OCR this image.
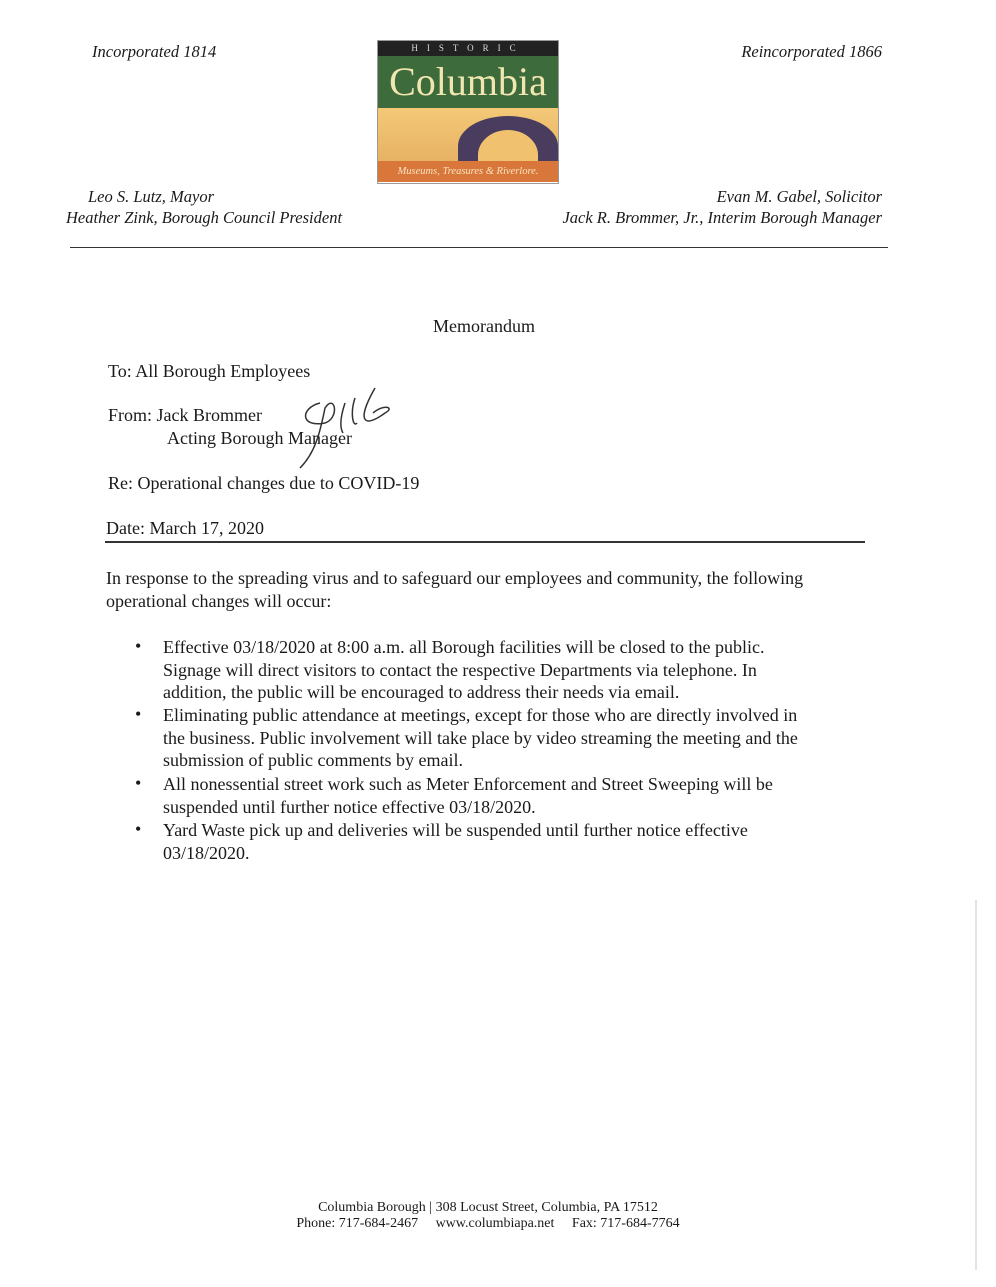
Incorporated 1814	Reincorporated 1866
HISTORIC
Columbia
Museums, Treasures & Riverlore.
Leo S. Lutz, Mayor
Heather Zink, Borough Council President
Evan M. Gabel, Solicitor
Jack R. Brommer, Jr., Interim Borough Manager
Memorandum
To: All Borough Employees
From: Jack Brommer
Acting Borough Manager
Re: Operational changes due to COVID-19
Date: March 17, 2020
In response to the spreading virus and to safeguard our employees and community, the following
operational changes will occur:
• Effective 03/18/2020 at 8:00 a.m. all Borough facilities will be closed to the public.
Signage will direct visitors to contact the respective Departments via telephone. In
addition, the public will be encouraged to address their needs via email.
• Eliminating public attendance at meetings, except for those who are directly involved in
the business. Public involvement will take place by video streaming the meeting and the
submission of public comments by email.
• All nonessential street work such as Meter Enforcement and Street Sweeping will be
suspended until further notice effective 03/18/2020.
• Yard Waste pick up and deliveries will be suspended until further notice effective
03/18/2020.
Columbia Borough | 308 Locust Street, Columbia, PA 17512
Phone: 717-684-2467     www.columbiapa.net     Fax: 717-684-7764
